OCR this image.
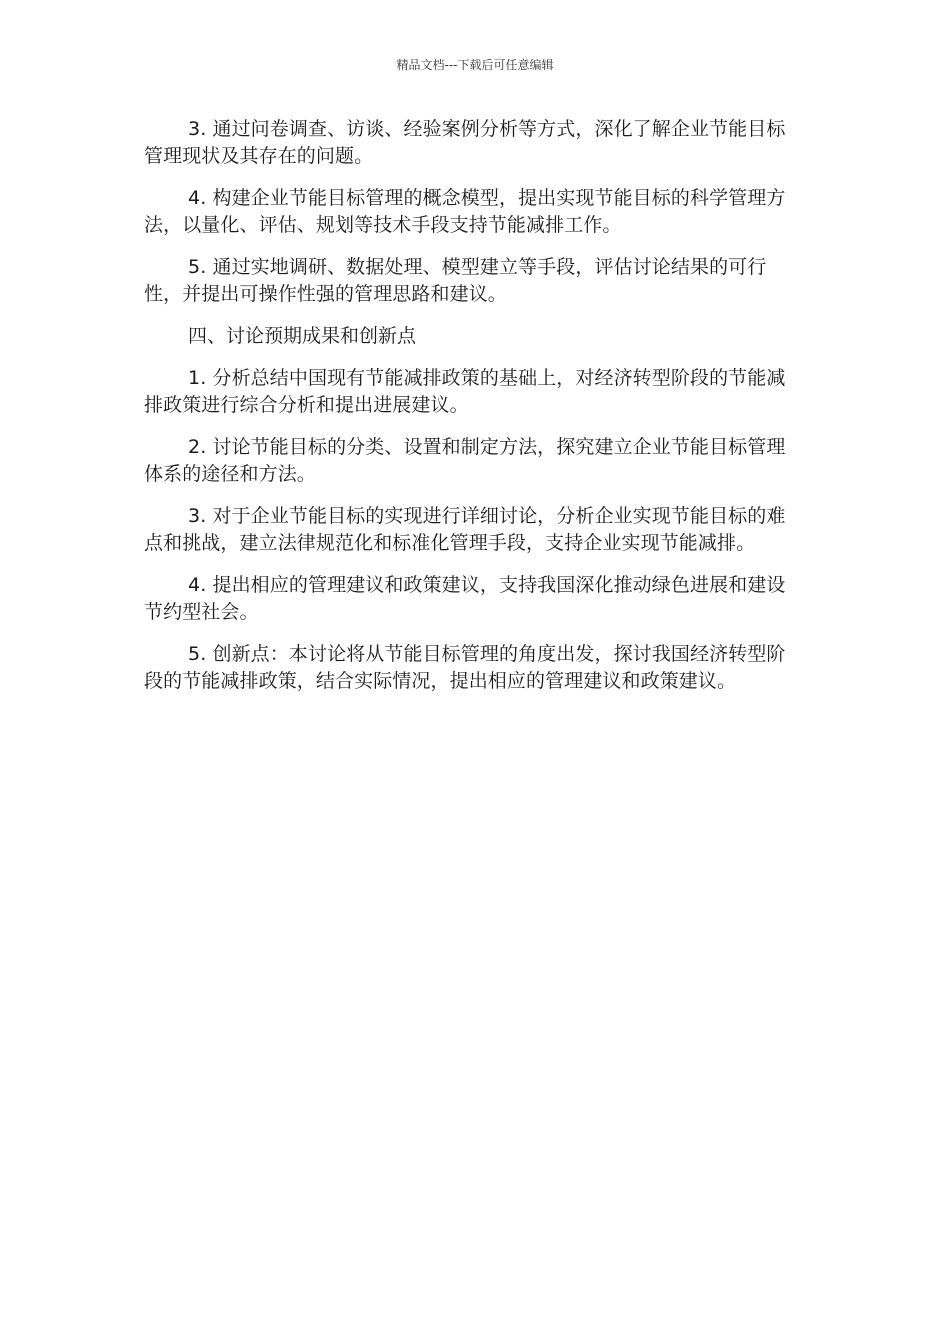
精品文档---下载后可任意编辑

3. 通过问卷调查、访谈、经验案例分析等方式，深化了解企业节能目标管理现状及其存在的问题。

4. 构建企业节能目标管理的概念模型，提出实现节能目标的科学管理方法，以量化、评估、规划等技术手段支持节能减排工作。

5. 通过实地调研、数据处理、模型建立等手段，评估讨论结果的可行性，并提出可操作性强的管理思路和建议。

四、讨论预期成果和创新点

1. 分析总结中国现有节能减排政策的基础上，对经济转型阶段的节能减排政策进行综合分析和提出进展建议。

2. 讨论节能目标的分类、设置和制定方法，探究建立企业节能目标管理体系的途径和方法。

3. 对于企业节能目标的实现进行详细讨论，分析企业实现节能目标的难点和挑战，建立法律规范化和标准化管理手段，支持企业实现节能减排。

4. 提出相应的管理建议和政策建议，支持我国深化推动绿色进展和建设节约型社会。

5. 创新点：本讨论将从节能目标管理的角度出发，探讨我国经济转型阶段的节能减排政策，结合实际情况，提出相应的管理建议和政策建议。
